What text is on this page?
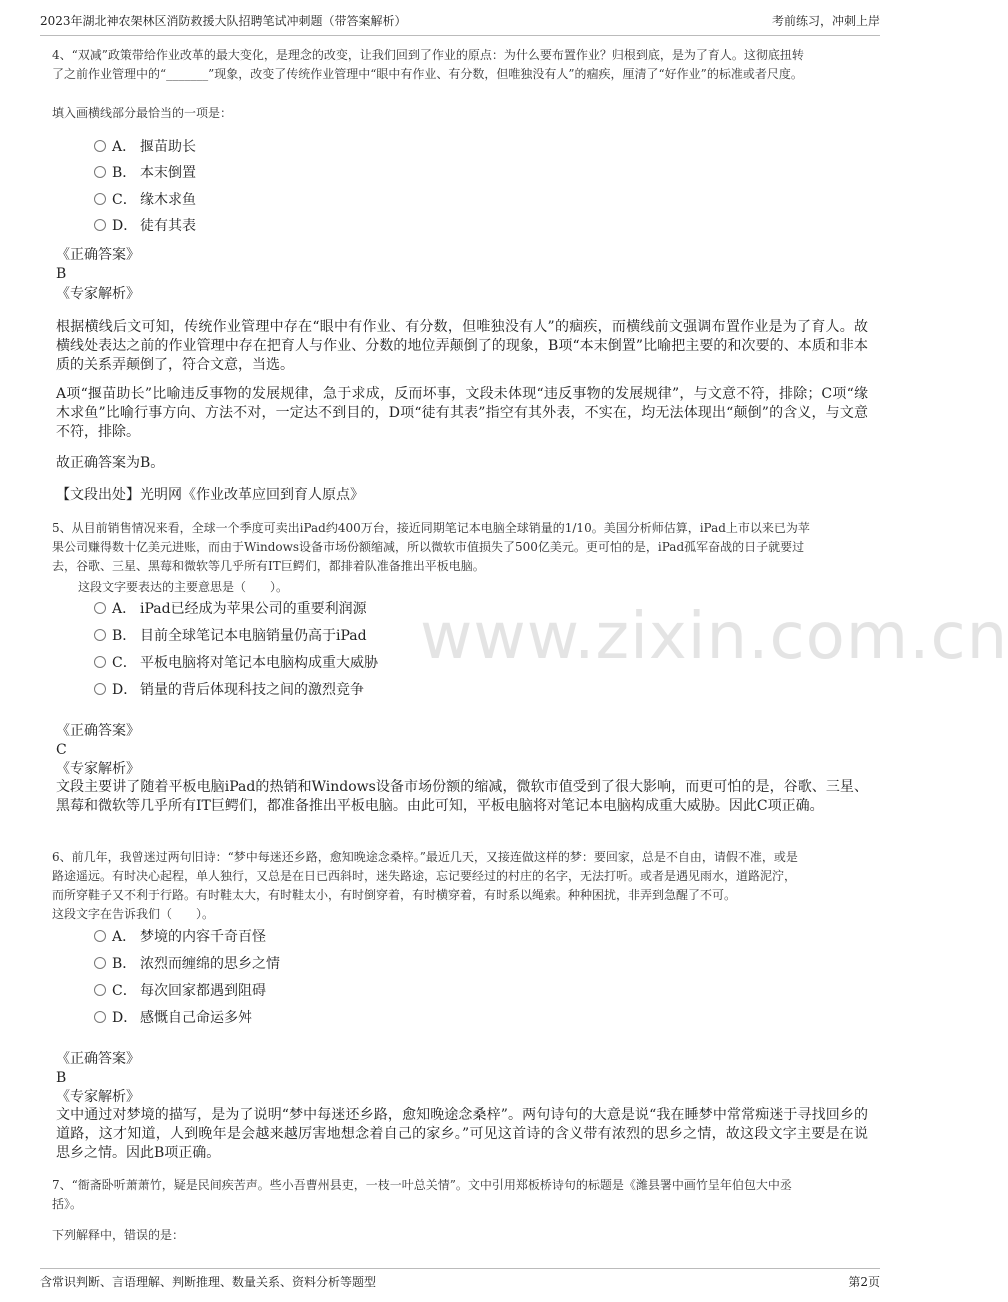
2023年湖北神农架林区消防救援大队招聘笔试冲刺题（带答案解析）	考前练习，冲刺上岸
www.zixin.com.cn
4、“双减”政策带给作业改革的最大变化，是理念的改变，让我们回到了作业的原点：为什么要布置作业？归根到底，是为了育人。这彻底扭转
了之前作业管理中的“_______”现象，改变了传统作业管理中“眼中有作业、有分数，但唯独没有人”的痼疾，厘清了“好作业”的标准或者尺度。
填入画横线部分最恰当的一项是：
A． 揠苗助长
B． 本末倒置
C． 缘木求鱼
D． 徒有其表
《正确答案》
B
《专家解析》
根据横线后文可知，传统作业管理中存在“眼中有作业、有分数，但唯独没有人”的痼疾，而横线前文强调布置作业是为了育人。故横线处表达之前的作业管理中存在把育人与作业、分数的地位弄颠倒了的现象，B项“本末倒置”比喻把主要的和次要的、本质和非本质的关系弄颠倒了，符合文意，当选。
A项“揠苗助长”比喻违反事物的发展规律，急于求成，反而坏事，文段未体现“违反事物的发展规律”，与文意不符，排除；C项“缘木求鱼”比喻行事方向、方法不对，一定达不到目的，D项“徒有其表”指空有其外表，不实在，均无法体现出“颠倒”的含义，与文意不符，排除。
故正确答案为B。
【文段出处】光明网《作业改革应回到育人原点》
5、从目前销售情况来看，全球一个季度可卖出iPad约400万台，接近同期笔记本电脑全球销量的1/10。美国分析师估算，iPad上市以来已为苹
果公司赚得数十亿美元进账，而由于Windows设备市场份额缩减，所以微软市值损失了500亿美元。更可怕的是，iPad孤军奋战的日子就要过
去，谷歌、三星、黑莓和微软等几乎所有IT巨鳄们，都排着队准备推出平板电脑。
这段文字要表达的主要意思是（　　）。
A． iPad已经成为苹果公司的重要利润源
B． 目前全球笔记本电脑销量仍高于iPad
C． 平板电脑将对笔记本电脑构成重大威胁
D． 销量的背后体现科技之间的激烈竞争
《正确答案》
C
《专家解析》
文段主要讲了随着平板电脑iPad的热销和Windows设备市场份额的缩减，微软市值受到了很大影响，而更可怕的是，谷歌、三星、黑莓和微软等几乎所有IT巨鳄们，都准备推出平板电脑。由此可知，平板电脑将对笔记本电脑构成重大威胁。因此C项正确。
6、前几年，我曾迷过两句旧诗：“梦中每迷还乡路，愈知晚途念桑梓。”最近几天，又接连做这样的梦：要回家，总是不自由，请假不准，或是
路途遥远。有时决心起程，单人独行，又总是在日已西斜时，迷失路途，忘记要经过的村庄的名字，无法打听。或者是遇见雨水，道路泥泞，
而所穿鞋子又不利于行路。有时鞋太大，有时鞋太小，有时倒穿着，有时横穿着，有时系以绳索。种种困扰，非弄到急醒了不可。
这段文字在告诉我们（　　）。
A． 梦境的内容千奇百怪
B． 浓烈而缠绵的思乡之情
C． 每次回家都遇到阻碍
D． 感慨自己命运多舛
《正确答案》
B
《专家解析》
文中通过对梦境的描写，是为了说明“梦中每迷还乡路，愈知晚途念桑梓”。两句诗句的大意是说“我在睡梦中常常痴迷于寻找回乡的道路，这才知道，人到晚年是会越来越厉害地想念着自己的家乡。”可见这首诗的含义带有浓烈的思乡之情，故这段文字主要是在说思乡之情。因此B项正确。
7、“衙斋卧听萧萧竹，疑是民间疾苦声。些小吾曹州县吏，一枝一叶总关情”。文中引用郑板桥诗句的标题是《潍县署中画竹呈年伯包大中丞
括》。
下列解释中，错误的是：
含常识判断、言语理解、判断推理、数量关系、资料分析等题型	第2页
